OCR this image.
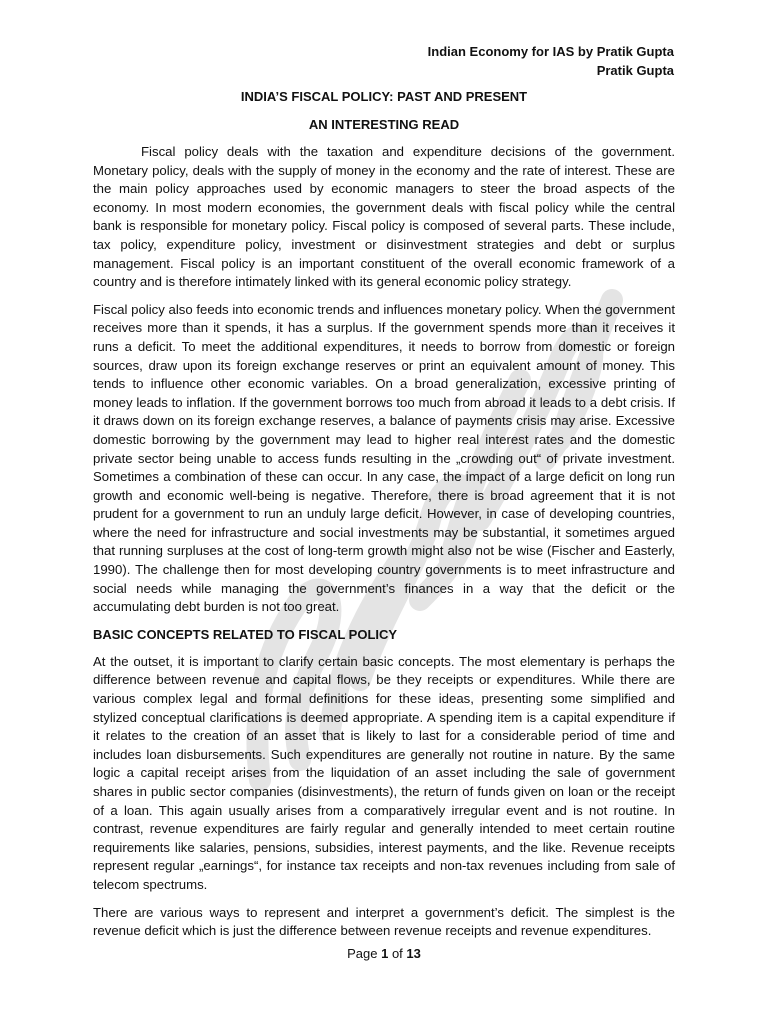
Indian Economy for IAS by Pratik Gupta
Pratik Gupta
INDIA’S FISCAL POLICY: PAST AND PRESENT
AN INTERESTING READ

Fiscal policy deals with the taxation and expenditure decisions of the government. Monetary policy, deals with the supply of money in the economy and the rate of interest. These are the main policy approaches used by economic managers to steer the broad aspects of the economy. In most modern economies, the government deals with fiscal policy while the central bank is responsible for monetary policy. Fiscal policy is composed of several parts. These include, tax policy, expenditure policy, investment or disinvestment strategies and debt or surplus management. Fiscal policy is an important constituent of the overall economic framework of a country and is therefore intimately linked with its general economic policy strategy.

Fiscal policy also feeds into economic trends and influences monetary policy. When the government receives more than it spends, it has a surplus. If the government spends more than it receives it runs a deficit. To meet the additional expenditures, it needs to borrow from domestic or foreign sources, draw upon its foreign exchange reserves or print an equivalent amount of money. This tends to influence other economic variables. On a broad generalization, excessive printing of money leads to inflation. If the government borrows too much from abroad it leads to a debt crisis. If it draws down on its foreign exchange reserves, a balance of payments crisis may arise. Excessive domestic borrowing by the government may lead to higher real interest rates and the domestic private sector being unable to access funds resulting in the „crowding out“ of private investment. Sometimes a combination of these can occur. In any case, the impact of a large deficit on long run growth and economic well-being is negative. Therefore, there is broad agreement that it is not prudent for a government to run an unduly large deficit. However, in case of developing countries, where the need for infrastructure and social investments may be substantial, it sometimes argued that running surpluses at the cost of long-term growth might also not be wise (Fischer and Easterly, 1990). The challenge then for most developing country governments is to meet infrastructure and social needs while managing the government’s finances in a way that the deficit or the accumulating debt burden is not too great.

BASIC CONCEPTS RELATED TO FISCAL POLICY

At the outset, it is important to clarify certain basic concepts. The most elementary is perhaps the difference between revenue and capital flows, be they receipts or expenditures. While there are various complex legal and formal definitions for these ideas, presenting some simplified and stylized conceptual clarifications is deemed appropriate. A spending item is a capital expenditure if it relates to the creation of an asset that is likely to last for a considerable period of time and includes loan disbursements. Such expenditures are generally not routine in nature. By the same logic a capital receipt arises from the liquidation of an asset including the sale of government shares in public sector companies (disinvestments), the return of funds given on loan or the receipt of a loan. This again usually arises from a comparatively irregular event and is not routine. In contrast, revenue expenditures are fairly regular and generally intended to meet certain routine requirements like salaries, pensions, subsidies, interest payments, and the like. Revenue receipts represent regular „earnings“, for instance tax receipts and non-tax revenues including from sale of telecom spectrums.

There are various ways to represent and interpret a government’s deficit. The simplest is the revenue deficit which is just the difference between revenue receipts and revenue expenditures.

Page 1 of 13
